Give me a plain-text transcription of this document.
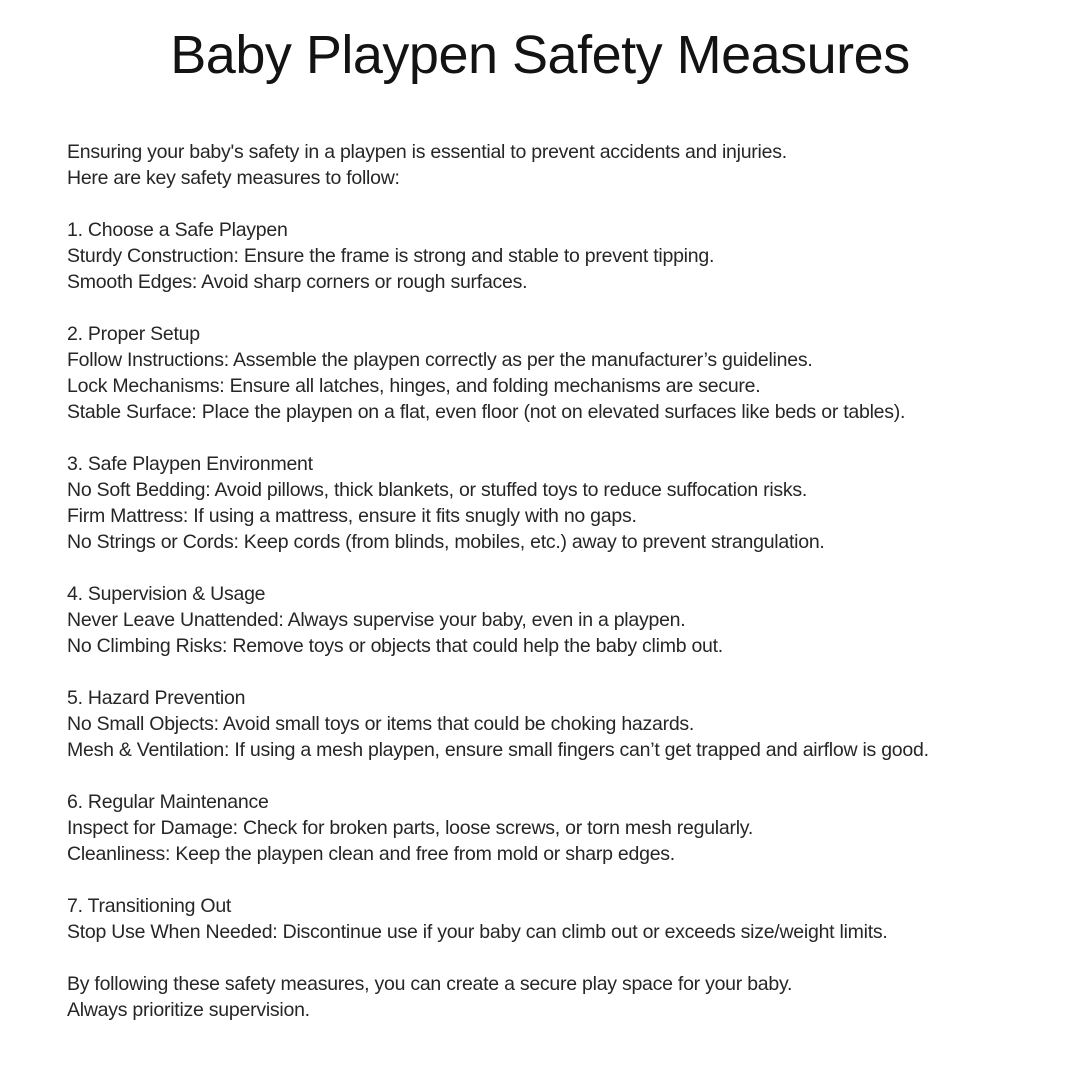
Baby Playpen Safety Measures

Ensuring your baby's safety in a playpen is essential to prevent accidents and injuries.

Here are key safety measures to follow:

1. Choose a Safe Playpen

Sturdy Construction: Ensure the frame is strong and stable to prevent tipping.

Smooth Edges: Avoid sharp corners or rough surfaces.

2. Proper Setup

Follow Instructions: Assemble the playpen correctly as per the manufacturer’s guidelines.

Lock Mechanisms: Ensure all latches, hinges, and folding mechanisms are secure.

Stable Surface: Place the playpen on a flat, even floor (not on elevated surfaces like beds or tables).

3. Safe Playpen Environment

No Soft Bedding: Avoid pillows, thick blankets, or stuffed toys to reduce suffocation risks.

Firm Mattress: If using a mattress, ensure it fits snugly with no gaps.

No Strings or Cords: Keep cords (from blinds, mobiles, etc.) away to prevent strangulation.

4. Supervision & Usage

Never Leave Unattended: Always supervise your baby, even in a playpen.

No Climbing Risks: Remove toys or objects that could help the baby climb out.

5. Hazard Prevention

No Small Objects: Avoid small toys or items that could be choking hazards.

Mesh & Ventilation: If using a mesh playpen, ensure small fingers can’t get trapped and airflow is good.

6. Regular Maintenance

Inspect for Damage: Check for broken parts, loose screws, or torn mesh regularly.

Cleanliness: Keep the playpen clean and free from mold or sharp edges.

7. Transitioning Out

Stop Use When Needed: Discontinue use if your baby can climb out or exceeds size/weight limits.

By following these safety measures, you can create a secure play space for your baby.

Always prioritize supervision.
